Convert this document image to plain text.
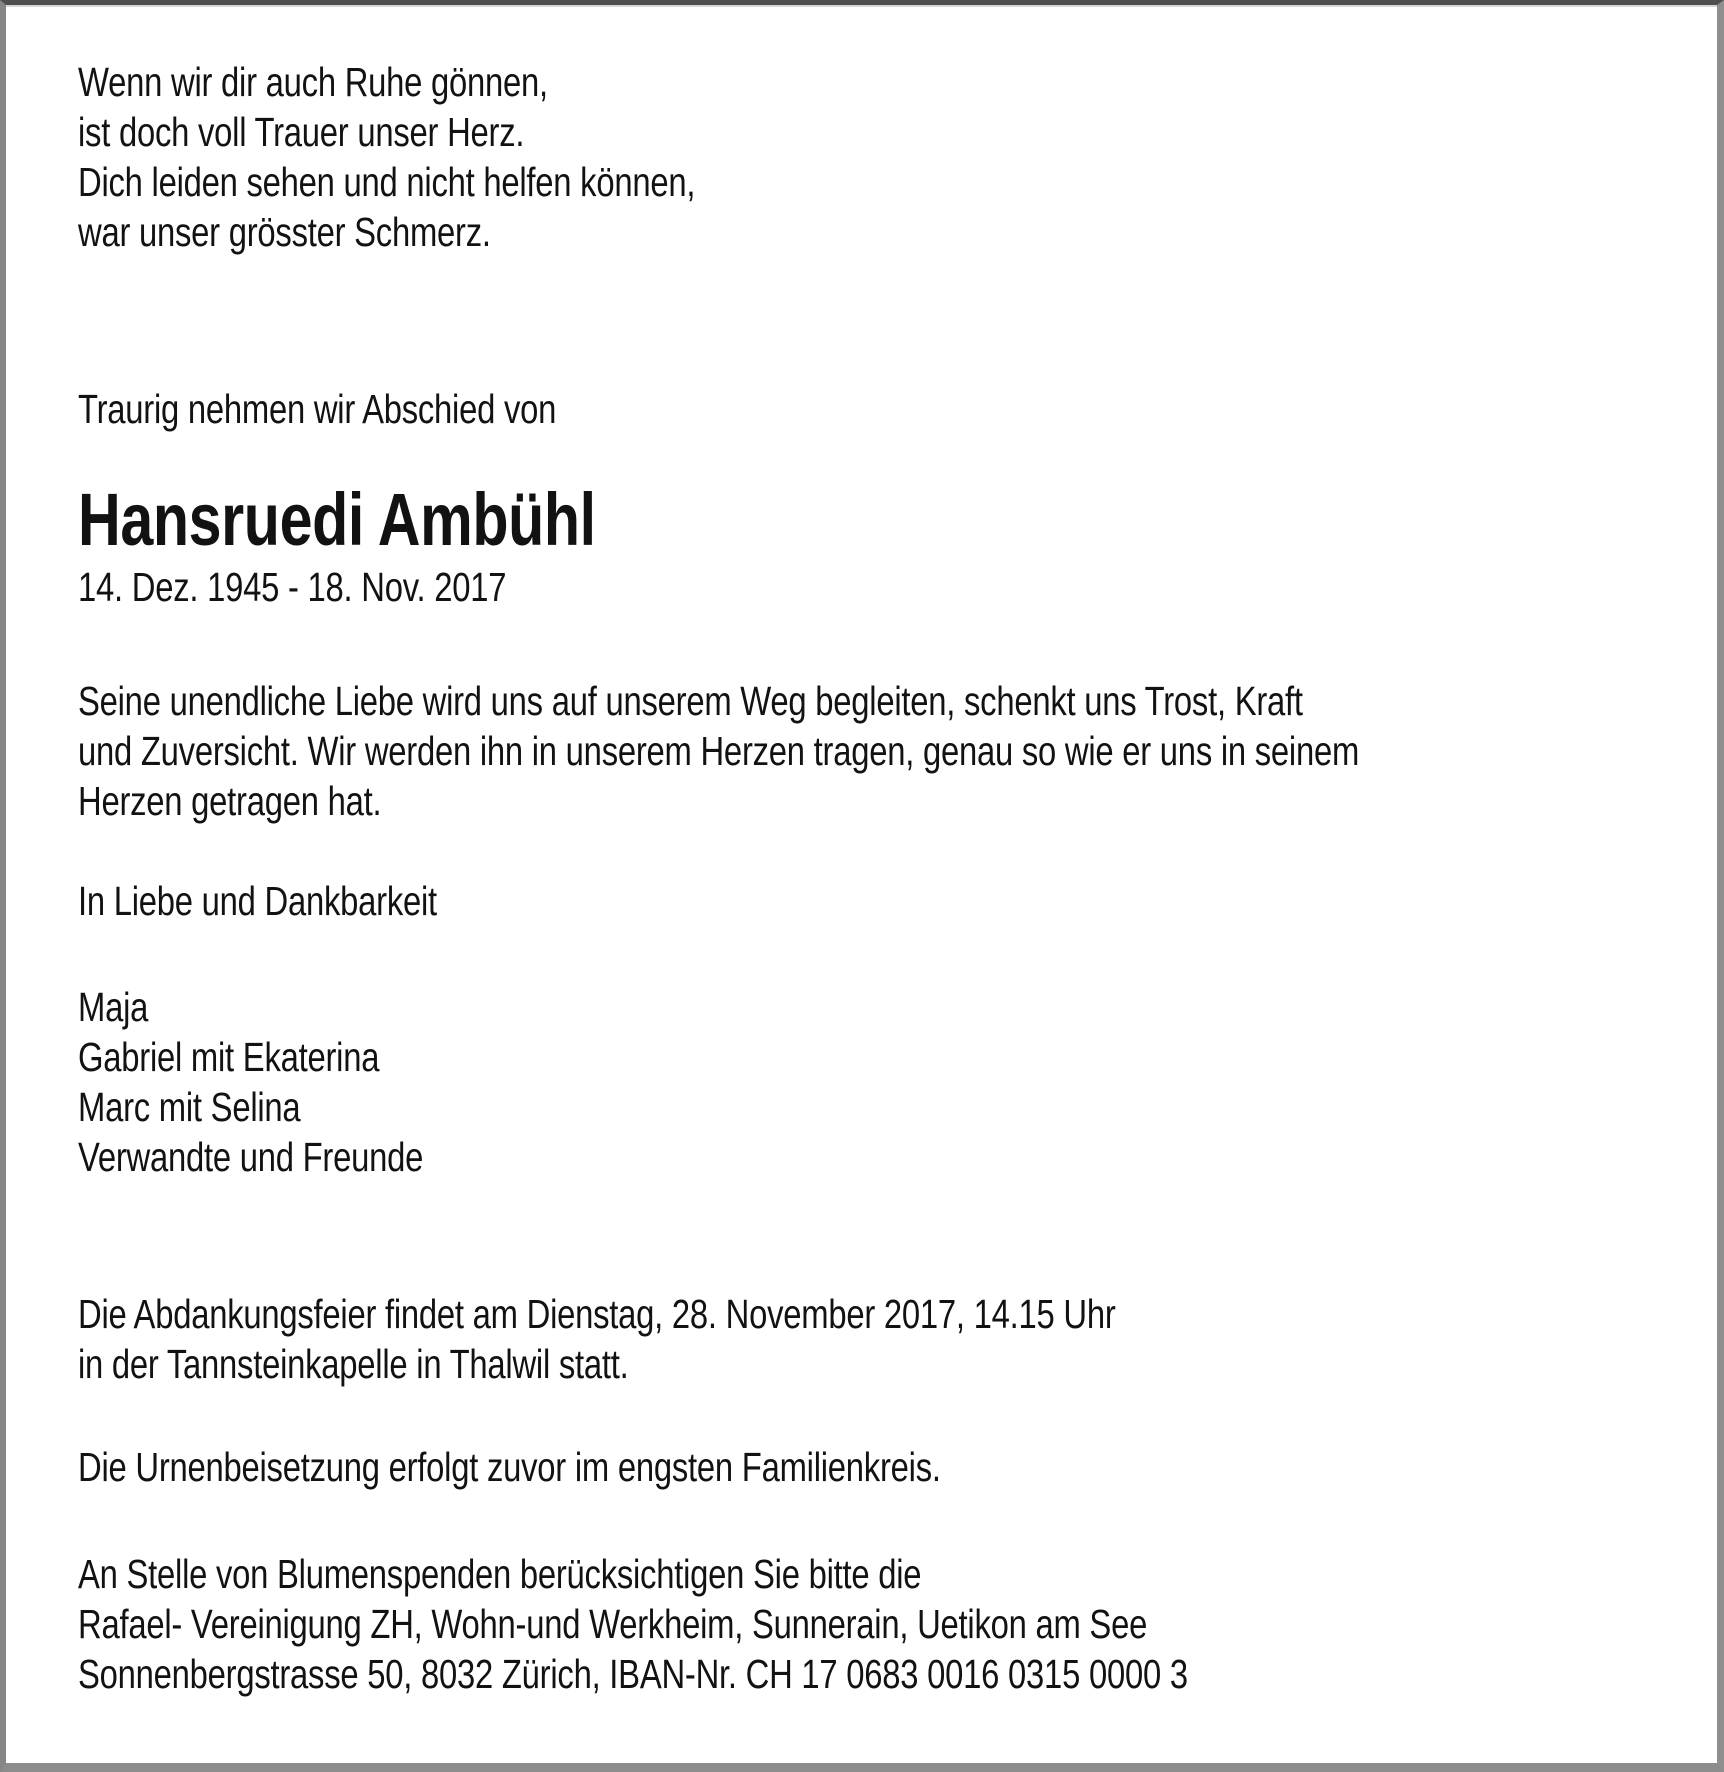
Wenn wir dir auch Ruhe gönnen,
ist doch voll Trauer unser Herz.
Dich leiden sehen und nicht helfen können,
war unser grösster Schmerz.
Traurig nehmen wir Abschied von
Hansruedi Ambühl
14. Dez. 1945 - 18. Nov. 2017
Seine unendliche Liebe wird uns auf unserem Weg begleiten, schenkt uns Trost, Kraft
und Zuversicht. Wir werden ihn in unserem Herzen tragen, genau so wie er uns in seinem
Herzen getragen hat.
In Liebe und Dankbarkeit
Maja
Gabriel mit Ekaterina
Marc mit Selina
Verwandte und Freunde
Die Abdankungsfeier findet am Dienstag, 28. November 2017, 14.15 Uhr
in der Tannsteinkapelle in Thalwil statt.
Die Urnenbeisetzung erfolgt zuvor im engsten Familienkreis.
An Stelle von Blumenspenden berücksichtigen Sie bitte die
Rafael- Vereinigung ZH, Wohn-und Werkheim, Sunnerain, Uetikon am See
Sonnenbergstrasse 50, 8032 Zürich, IBAN-Nr. CH 17 0683 0016 0315 0000 3
